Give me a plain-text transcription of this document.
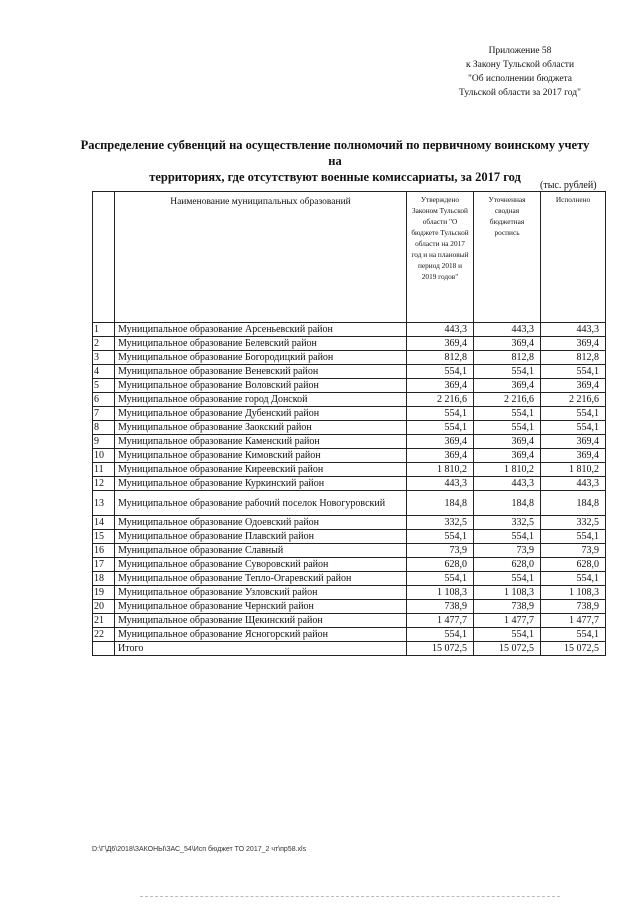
Приложение 58
к Закону Тульской области
"Об исполнении бюджета
Тульской области за 2017 год"
Распределение субвенций на осуществление полномочий по первичному воинскому учету на
территориях, где отсутствуют военные комиссариаты, за 2017 год
(тыс. рублей)
	Наименование муниципальных образований	Утверждено Законом Тульской области "О бюджете Тульской области на 2017 год и на плановый период 2018 и 2019 годов"	Уточненная сводная бюджетная роспись	Исполнено
1	Муниципальное образование Арсеньевский район	443,3	443,3	443,3
2	Муниципальное образование Белевский район	369,4	369,4	369,4
3	Муниципальное образование Богородицкий район	812,8	812,8	812,8
4	Муниципальное образование Веневский район	554,1	554,1	554,1
5	Муниципальное образование Воловский район	369,4	369,4	369,4
6	Муниципальное образование город Донской	2 216,6	2 216,6	2 216,6
7	Муниципальное образование Дубенский район	554,1	554,1	554,1
8	Муниципальное образование Заокский район	554,1	554,1	554,1
9	Муниципальное образование Каменский район	369,4	369,4	369,4
10	Муниципальное образование Кимовский район	369,4	369,4	369,4
11	Муниципальное образование Киреевский район	1 810,2	1 810,2	1 810,2
12	Муниципальное образование Куркинский район	443,3	443,3	443,3
13	Муниципальное образование рабочий поселок Новогуровский	184,8	184,8	184,8
14	Муниципальное образование Одоевский район	332,5	332,5	332,5
15	Муниципальное образование Плавский район	554,1	554,1	554,1
16	Муниципальное образование Славный	73,9	73,9	73,9
17	Муниципальное образование Суворовский район	628,0	628,0	628,0
18	Муниципальное образование Тепло-Огаревский район	554,1	554,1	554,1
19	Муниципальное образование Узловский район	1 108,3	1 108,3	1 108,3
20	Муниципальное образование Чернский район	738,9	738,9	738,9
21	Муниципальное образование Щекинский район	1 477,7	1 477,7	1 477,7
22	Муниципальное образование Ясногорский район	554,1	554,1	554,1
	Итого	15 072,5	15 072,5	15 072,5
D:\Г\Д6\2018\ЗАКОНЫ\ЗАС_54\Исп бюджет ТО 2017_2 чт\пр58.xls
